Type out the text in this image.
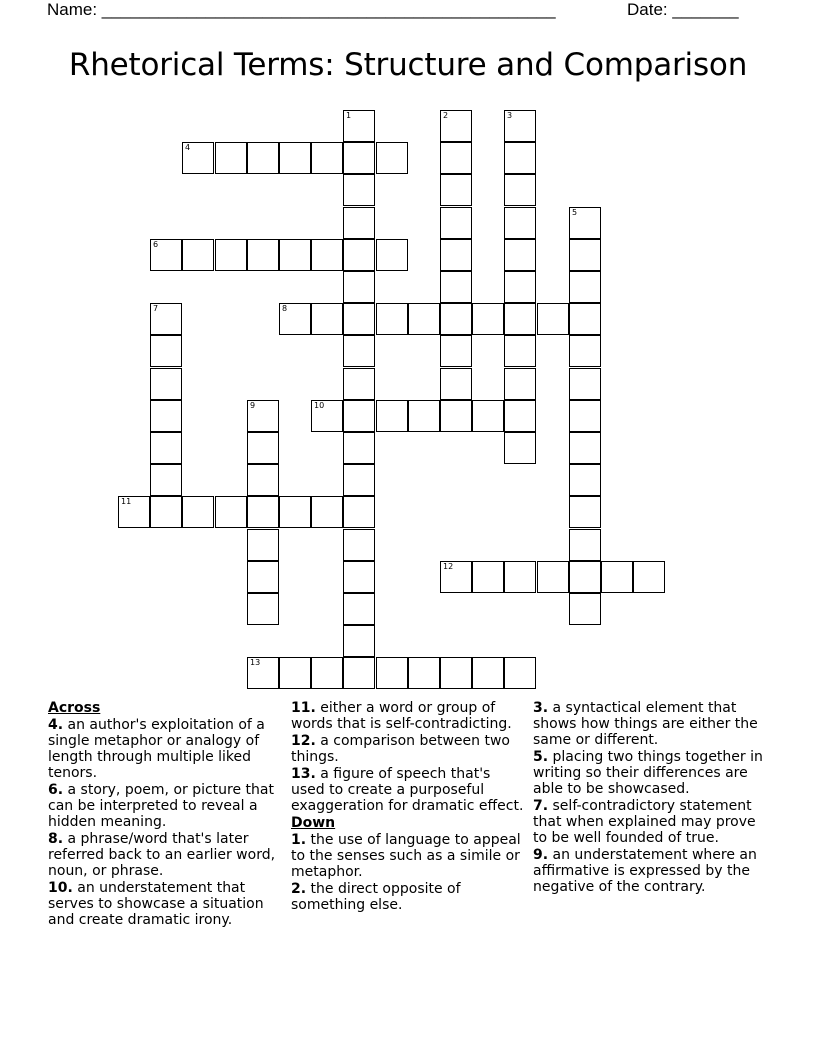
Name: ________________________________________________	Date: _______
Rhetorical Terms: Structure and Comparison
1	2	3
4
5
6
7	8
9	10
11
12
13
Across
4. an author's exploitation of a single metaphor or analogy of length through multiple liked tenors.
6. a story, poem, or picture that can be interpreted to reveal a hidden meaning.
8. a phrase/word that's later referred back to an earlier word, noun, or phrase.
10. an understatement that serves to showcase a situation and create dramatic irony.
11. either a word or group of words that is self-contradicting.
12. a comparison between two things.
13. a figure of speech that's used to create a purposeful exaggeration for dramatic effect.
Down
1. the use of language to appeal to the senses such as a simile or metaphor.
2. the direct opposite of something else.
3. a syntactical element that shows how things are either the same or different.
5. placing two things together in writing so their differences are able to be showcased.
7. self-contradictory statement that when explained may prove to be well founded of true.
9. an understatement where an affirmative is expressed by the negative of the contrary.
